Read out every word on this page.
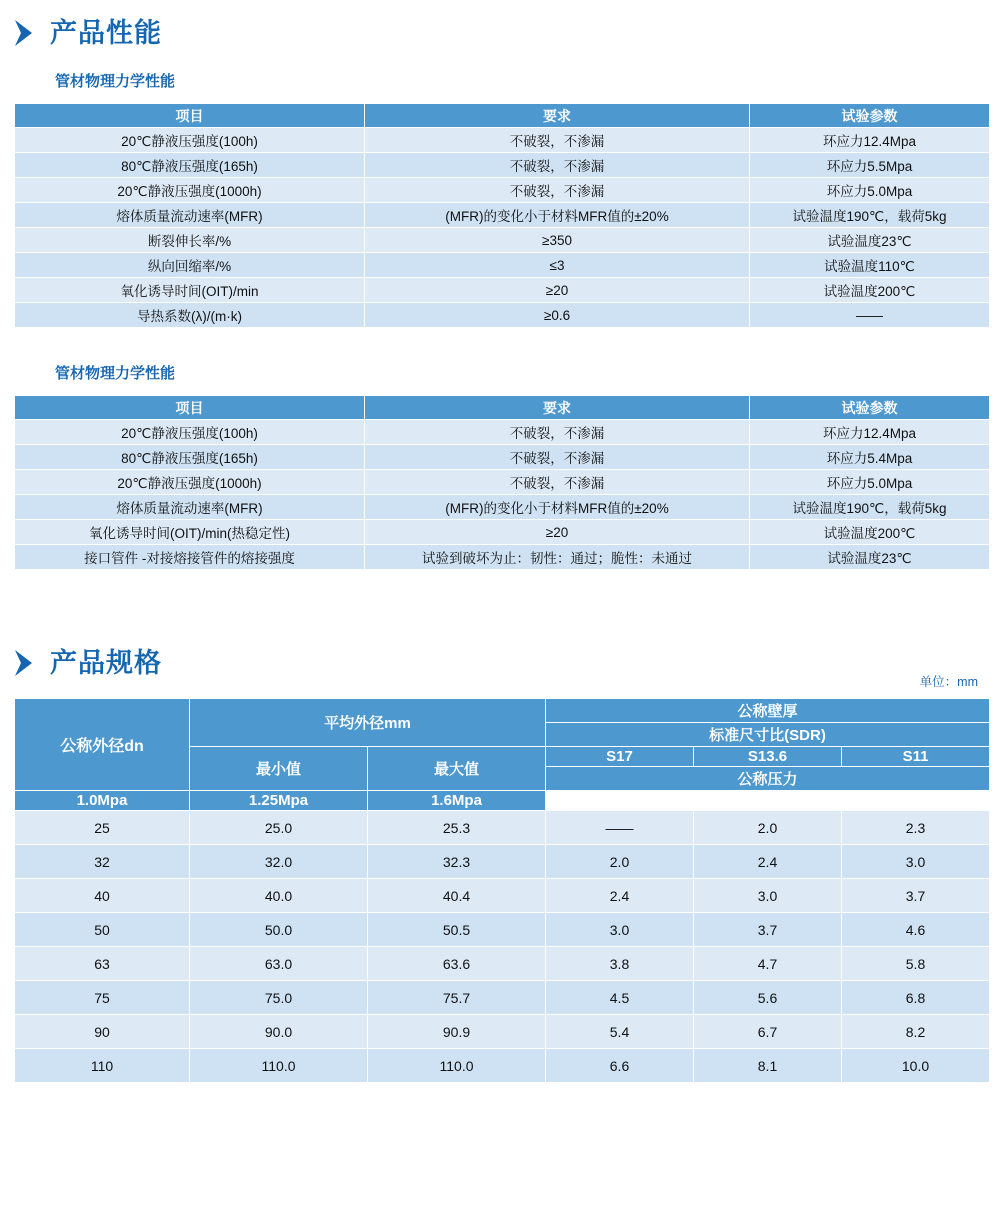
产品性能
管材物理力学性能
项目	要求	试验参数
20℃静液压强度(100h)	不破裂，不渗漏	环应力12.4Mpa
80℃静液压强度(165h)	不破裂，不渗漏	环应力5.5Mpa
20℃静液压强度(1000h)	不破裂，不渗漏	环应力5.0Mpa
熔体质量流动速率(MFR)	(MFR)的变化小于材料MFR值的±20%	试验温度190℃，载荷5kg
断裂伸长率/%	≥350	试验温度23℃
纵向回缩率/%	≤3	试验温度110℃
氧化诱导时间(OIT)/min	≥20	试验温度200℃
导热系数(λ)/(m·k)	≥0.6	——
管材物理力学性能
项目	要求	试验参数
20℃静液压强度(100h)	不破裂，不渗漏	环应力12.4Mpa
80℃静液压强度(165h)	不破裂，不渗漏	环应力5.4Mpa
20℃静液压强度(1000h)	不破裂，不渗漏	环应力5.0Mpa
熔体质量流动速率(MFR)	(MFR)的变化小于材料MFR值的±20%	试验温度190℃，载荷5kg
氧化诱导时间(OIT)/min(热稳定性)	≥20	试验温度200℃
接口管件 -对接熔接管件的熔接强度	试验到破坏为止：韧性：通过；脆性：未通过	试验温度23℃
产品规格
单位：mm
公称外径dn	平均外径mm		公称壁厚		
			标准尺寸比(SDR)		
	最小值	最大值	S17	S13.6	S11
			公称压力		
1.0Mpa	1.25Mpa	1.6Mpa			
25	25.0	25.3	——	2.0	2.3
32	32.0	32.3	2.0	2.4	3.0
40	40.0	40.4	2.4	3.0	3.7
50	50.0	50.5	3.0	3.7	4.6
63	63.0	63.6	3.8	4.7	5.8
75	75.0	75.7	4.5	5.6	6.8
90	90.0	90.9	5.4	6.7	8.2
110	110.0	110.0	6.6	8.1	10.0
